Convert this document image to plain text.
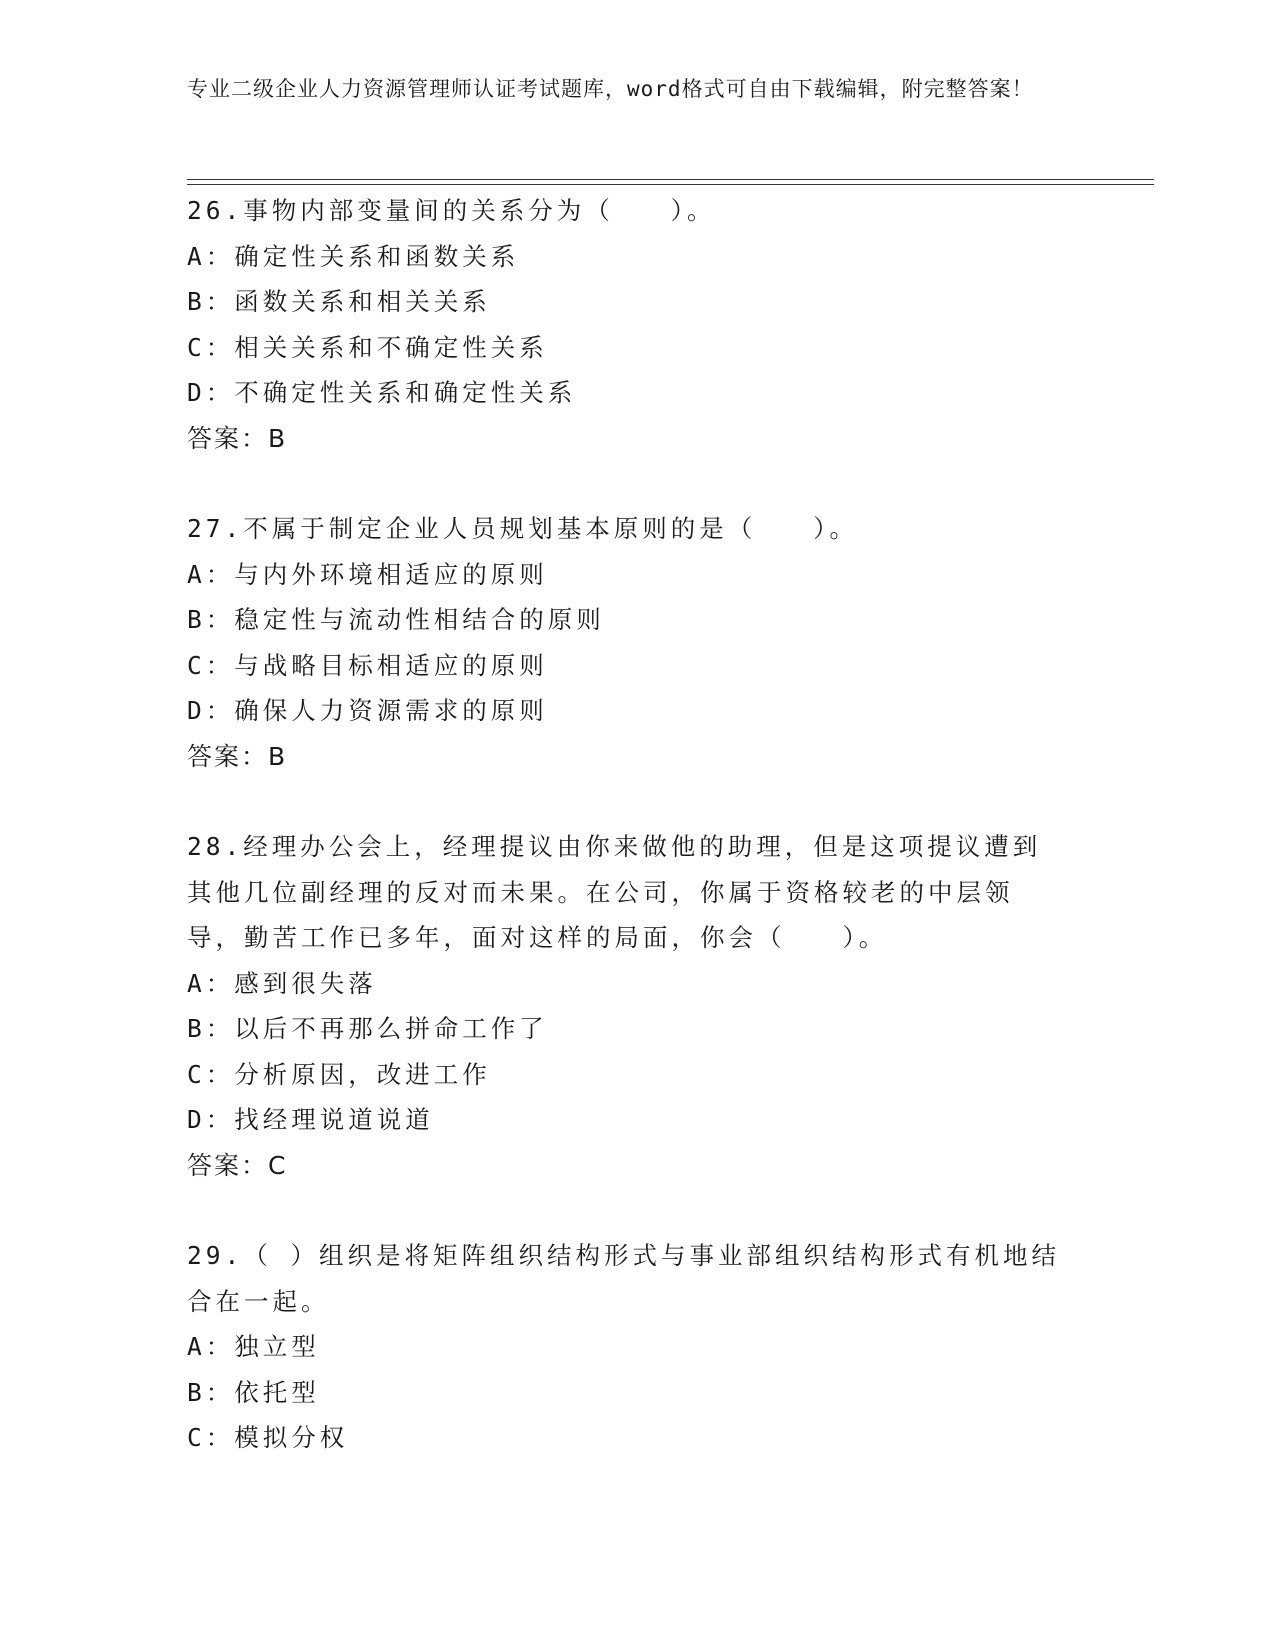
专业二级企业人力资源管理师认证考试题库，word格式可自由下载编辑，附完整答案！
26.事物内部变量间的关系分为（　　）。
A：确定性关系和函数关系
B：函数关系和相关关系
C：相关关系和不确定性关系
D：不确定性关系和确定性关系
答案：B
27.不属于制定企业人员规划基本原则的是（　　）。
A：与内外环境相适应的原则
B：稳定性与流动性相结合的原则
C：与战略目标相适应的原则
D：确保人力资源需求的原则
答案：B
28.经理办公会上，经理提议由你来做他的助理，但是这项提议遭到其他几位副经理的反对而未果。在公司，你属于资格较老的中层领导，勤苦工作已多年，面对这样的局面，你会（　　）。
A：感到很失落
B：以后不再那么拼命工作了
C：分析原因，改进工作
D：找经理说道说道
答案：C
29.（ ）组织是将矩阵组织结构形式与事业部组织结构形式有机地结合在一起。
A：独立型
B：依托型
C：模拟分权
